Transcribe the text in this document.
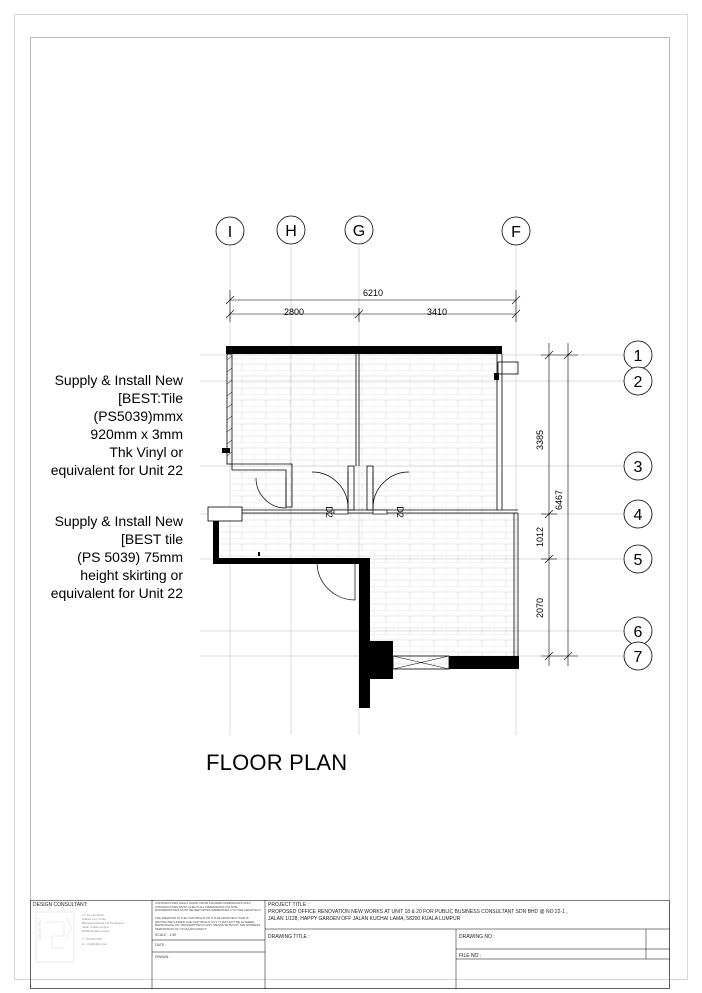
I	H	G	F
1
2
3
4
5
6
7
6210
2800	3410
3385
1012
2070
6467
D2	D2
Supply & Install New
[BEST:Tile
(PS5039)mmx
920mm x 3mm
Thk Vinyl or
equivalent for Unit 22
Supply & Install New
[BEST tile
(PS 5039) 75mm
height skirting or
equivalent for Unit 22
FLOOR PLAN
DESIGN CONSULTANT:
ARCHITECT
CT Lim Architect
Arkitek Lim Ci Hui
Bangunan Bursa 1st Penthouse
Jalan Kuala Lumpur
50450 Kuala Lumpur
T : 03-000 000
E : info@ctlim.com
CONTRACTORS SHALL WORK FROM FIGURED DIMENSIONS ONLY. CONTRACTORS MUST CHECK ALL DIMENSIONS ON SITE. DISCREPANCIES MUST BE REPORTED IMMEDIATELY TO THE ARCHITECT.
THE DRAWING IS THE COPYRIGHT OF CTLIM ARCHITECT AND IS PROTECTED UNDER THE COPYRIGHT ACT. IT MAY NOT BE ALTERED, REPRODUCE OR TRANSMITTED IN ANY MEANS WITHOUT THE EXPRESS PERMISSION OF CTLIM ARCHITECT.
SCALE : 1:50
DATE :
DRAWN :
PROJECT TITLE :
PROPOSED OFFICE RENOVATION NEW WORKS AT UNIT 18 & 20 FOR PUBLIC BUSINESS CONSULTANT SDN BHD @ NO 22-1 ,
JALAN 1/128, HAPPY GARDEN OFF JALAN KUCHAI LAMA, 58200 KUALA LUMPUR
DRAWING TITLE :	DRAWING NO :
FILE NO :
